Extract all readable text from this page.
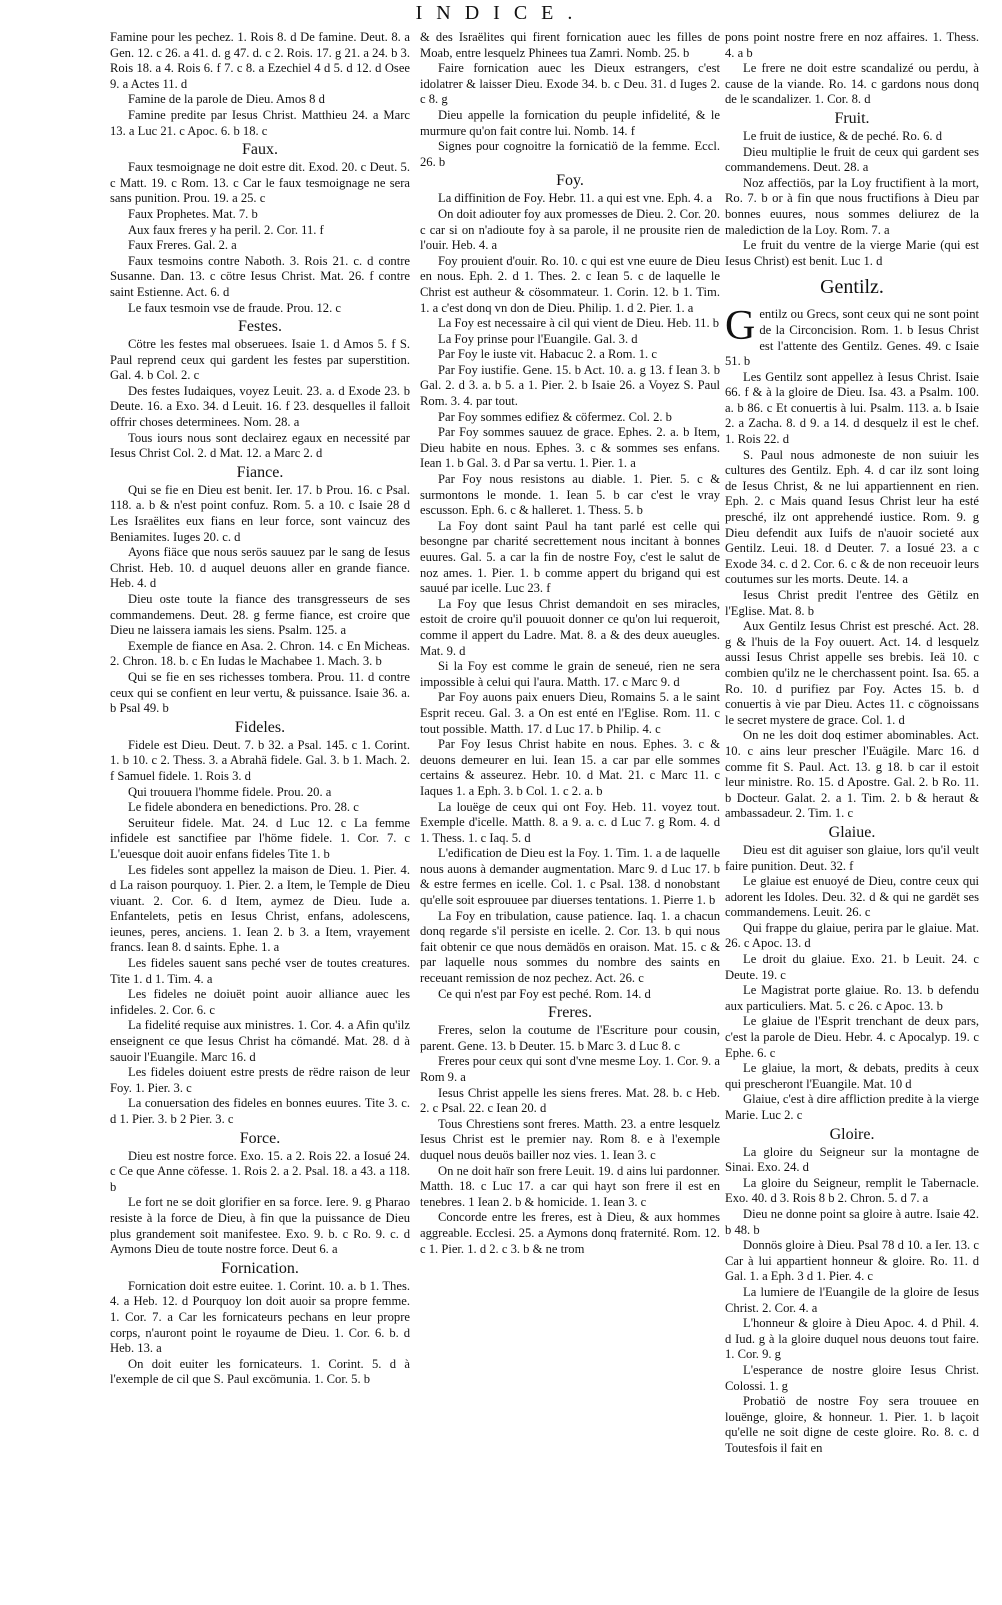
INDICE.

Famine pour les pechez. 1. Rois 8. d De famine. Deut. 8. a Gen. 12. c 26. a 41. d. g 47. d. c 2. Rois. 17. g 21. a 24. b 3. Rois 18. a 4. Rois 6. f 7. c 8. a Ezechiel 4 d 5. d 12. d Osee 9. a Actes 11. d

Famine de la parole de Dieu. Amos 8 d

Famine predite par Iesus Christ. Matthieu 24. a Marc 13. a Luc 21. c Apoc. 6. b 18. c

Faux.

Faux tesmoignage ne doit estre dit. Exod. 20. c Deut. 5. c Matt. 19. c Rom. 13. c Car le faux tesmoignage ne sera sans punition. Prou. 19. a 25. c

Faux Prophetes. Mat. 7. b

Aux faux freres y ha peril. 2. Cor. 11. f

Faux Freres. Gal. 2. a

Faux tesmoins contre Naboth. 3. Rois 21. c. d contre Susanne. Dan. 13. c cötre Iesus Christ. Mat. 26. f contre saint Estienne. Act. 6. d

Le faux tesmoin vse de fraude. Prou. 12. c

Festes.

Cötre les festes mal obseruees. Isaie 1. d Amos 5. f S. Paul reprend ceux qui gardent les festes par superstition. Gal. 4. b Col. 2. c

Des festes Iudaiques, voyez Leuit. 23. a. d Exode 23. b Deute. 16. a Exo. 34. d Leuit. 16. f 23. desquelles il falloit offrir choses determinees. Nom. 28. a

Tous iours nous sont declairez egaux en necessité par Iesus Christ Col. 2. d Mat. 12. a Marc 2. d

Fiance.

Qui se fie en Dieu est benit. Ier. 17. b Prou. 16. c Psal. 118. a. b & n'est point confuz. Rom. 5. a 10. c Isaie 28 d Les Israëlites eux fians en leur force, sont vaincuz des Beniamites. Iuges 20. c. d

Ayons fiäce que nous serös sauuez par le sang de Iesus Christ. Heb. 10. d auquel deuons aller en grande fiance. Heb. 4. d

Dieu oste toute la fiance des transgresseurs de ses commandemens. Deut. 28. g ferme fiance, est croire que Dieu ne laissera iamais les siens. Psalm. 125. a

Exemple de fiance en Asa. 2. Chron. 14. c En Micheas. 2. Chron. 18. b. c En Iudas le Machabee 1. Mach. 3. b

Qui se fie en ses richesses tombera. Prou. 11. d contre ceux qui se confient en leur vertu, & puissance. Isaie 36. a. b Psal 49. b

Fideles.

Fidele est Dieu. Deut. 7. b 32. a Psal. 145. c 1. Corint. 1. b 10. c 2. Thess. 3. a Abrahä fidele. Gal. 3. b 1. Mach. 2. f Samuel fidele. 1. Rois 3. d

Qui trouuera l'homme fidele. Prou. 20. a

Le fidele abondera en benedictions. Pro. 28. c

Seruiteur fidele. Mat. 24. d Luc 12. c La femme infidele est sanctifiee par l'höme fidele. 1. Cor. 7. c L'euesque doit auoir enfans fideles Tite 1. b

Les fideles sont appellez la maison de Dieu. 1. Pier. 4. d La raison pourquoy. 1. Pier. 2. a Item, le Temple de Dieu viuant. 2. Cor. 6. d Item, aymez de Dieu. Iude a. Enfantelets, petis en Iesus Christ, enfans, adolescens, ieunes, peres, anciens. 1. Iean 2. b 3. a Item, vrayement francs. Iean 8. d saints. Ephe. 1. a

Les fideles sauent sans peché vser de toutes creatures. Tite 1. d 1. Tim. 4. a

Les fideles ne doiuët point auoir alliance auec les infideles. 2. Cor. 6. c

La fidelité requise aux ministres. 1. Cor. 4. a Afin qu'ilz enseignent ce que Iesus Christ ha cömandé. Mat. 28. d à sauoir l'Euangile. Marc 16. d

Les fideles doiuent estre prests de rëdre raison de leur Foy. 1. Pier. 3. c

La conuersation des fideles en bonnes euures. Tite 3. c. d 1. Pier. 3. b 2 Pier. 3. c

Force.

Dieu est nostre force. Exo. 15. a 2. Rois 22. a Iosué 24. c Ce que Anne cöfesse. 1. Rois 2. a 2. Psal. 18. a 43. a 118. b

Le fort ne se doit glorifier en sa force. Iere. 9. g Pharao resiste à la force de Dieu, à fin que la puissance de Dieu plus grandement soit manifestee. Exo. 9. b. c Ro. 9. c. d Aymons Dieu de toute nostre force. Deut 6. a

Fornication.

Fornication doit estre euitee. 1. Corint. 10. a. b 1. Thes. 4. a Heb. 12. d Pourquoy lon doit auoir sa propre femme. 1. Cor. 7. a Car les fornicateurs pechans en leur propre corps, n'auront point le royaume de Dieu. 1. Cor. 6. b. d Heb. 13. a

On doit euiter les fornicateurs. 1. Corint. 5. d à l'exemple de cil que S. Paul excömunia. 1. Cor. 5. b

& des Israëlites qui firent fornication auec les filles de Moab, entre lesquelz Phinees tua Zamri. Nomb. 25. b

Faire fornication auec les Dieux estrangers, c'est idolatrer & laisser Dieu. Exode 34. b. c Deu. 31. d Iuges 2. c 8. g

Dieu appelle la fornication du peuple infidelité, & le murmure qu'on fait contre lui. Nomb. 14. f

Signes pour cognoitre la fornicatiö de la femme. Eccl. 26. b

Foy.

La diffinition de Foy. Hebr. 11. a qui est vne. Eph. 4. a

On doit adiouter foy aux promesses de Dieu. 2. Cor. 20. c car si on n'adioute foy à sa parole, il ne prousite rien de l'ouir. Heb. 4. a

Foy prouient d'ouir. Ro. 10. c qui est vne euure de Dieu en nous. Eph. 2. d 1. Thes. 2. c Iean 5. c de laquelle le Christ est autheur & cösommateur. 1. Corin. 12. b 1. Tim. 1. a c'est donq vn don de Dieu. Philip. 1. d 2. Pier. 1. a

La Foy est necessaire à cil qui vient de Dieu. Heb. 11. b

La Foy prinse pour l'Euangile. Gal. 3. d

Par Foy le iuste vit. Habacuc 2. a Rom. 1. c

Par Foy iustifie. Gene. 15. b Act. 10. a. g 13. f Iean 3. b Gal. 2. d 3. a. b 5. a 1. Pier. 2. b Isaie 26. a Voyez S. Paul Rom. 3. 4. par tout.

Par Foy sommes edifiez & cöfermez. Col. 2. b

Par Foy sommes sauuez de grace. Ephes. 2. a. b Item, Dieu habite en nous. Ephes. 3. c & sommes ses enfans. Iean 1. b Gal. 3. d Par sa vertu. 1. Pier. 1. a

Par Foy nous resistons au diable. 1. Pier. 5. c & surmontons le monde. 1. Iean 5. b car c'est le vray escusson. Eph. 6. c & halleret. 1. Thess. 5. b

La Foy dont saint Paul ha tant parlé est celle qui besongne par charité secrettement nous incitant à bonnes euures. Gal. 5. a car la fin de nostre Foy, c'est le salut de noz ames. 1. Pier. 1. b comme appert du brigand qui est sauué par icelle. Luc 23. f

La Foy que Iesus Christ demandoit en ses miracles, estoit de croire qu'il pouuoit donner ce qu'on lui requeroit, comme il appert du Ladre. Mat. 8. a & des deux aueugles. Mat. 9. d

Si la Foy est comme le grain de seneué, rien ne sera impossible à celui qui l'aura. Matth. 17. c Marc 9. d

Par Foy auons paix enuers Dieu, Romains 5. a le saint Esprit receu. Gal. 3. a On est enté en l'Eglise. Rom. 11. c tout possible. Matth. 17. d Luc 17. b Philip. 4. c

Par Foy Iesus Christ habite en nous. Ephes. 3. c & deuons demeurer en lui. Iean 15. a car par elle sommes certains & asseurez. Hebr. 10. d Mat. 21. c Marc 11. c Iaques 1. a Eph. 3. b Col. 1. c 2. a. b

La louëge de ceux qui ont Foy. Heb. 11. voyez tout. Exemple d'icelle. Matth. 8. a 9. a. c. d Luc 7. g Rom. 4. d 1. Thess. 1. c Iaq. 5. d

L'edification de Dieu est la Foy. 1. Tim. 1. a de laquelle nous auons à demander augmentation. Marc 9. d Luc 17. b & estre fermes en icelle. Col. 1. c Psal. 138. d nonobstant qu'elle soit esprouuee par diuerses tentations. 1. Pierre 1. b

La Foy en tribulation, cause patience. Iaq. 1. a chacun donq regarde s'il persiste en icelle. 2. Cor. 13. b qui nous fait obtenir ce que nous demädös en oraison. Mat. 15. c & par laquelle nous sommes du nombre des saints en receuant remission de noz pechez. Act. 26. c

Ce qui n'est par Foy est peché. Rom. 14. d

Freres.

Freres, selon la coutume de l'Escriture pour cousin, parent. Gene. 13. b Deuter. 15. b Marc 3. d Luc 8. c

Freres pour ceux qui sont d'vne mesme Loy. 1. Cor. 9. a Rom 9. a

Iesus Christ appelle les siens freres. Mat. 28. b. c Heb. 2. c Psal. 22. c Iean 20. d

Tous Chrestiens sont freres. Matth. 23. a entre lesquelz Iesus Christ est le premier nay. Rom 8. e à l'exemple duquel nous deuös bailler noz vies. 1. Iean 3. c

On ne doit haïr son frere Leuit. 19. d ains lui pardonner. Matth. 18. c Luc 17. a car qui hayt son frere il est en tenebres. 1 Iean 2. b & homicide. 1. Iean 3. c

Concorde entre les freres, est à Dieu, & aux hommes aggreable. Ecclesi. 25. a Aymons donq fraternité. Rom. 12. c 1. Pier. 1. d 2. c 3. b & ne trom

pons point nostre frere en noz affaires. 1. Thess. 4. a b

Le frere ne doit estre scandalizé ou perdu, à cause de la viande. Ro. 14. c gardons nous donq de le scandalizer. 1. Cor. 8. d

Fruit.

Le fruit de iustice, & de peché. Ro. 6. d

Dieu multiplie le fruit de ceux qui gardent ses commandemens. Deut. 28. a

Noz affectiös, par la Loy fructifient à la mort, Ro. 7. b or à fin que nous fructifions à Dieu par bonnes euures, nous sommes deliurez de la malediction de la Loy. Rom. 7. a

Le fruit du ventre de la vierge Marie (qui est Iesus Christ) est benit. Luc 1. d

Gentilz.

Gentilz ou Grecs, sont ceux qui ne sont point de la Circoncision. Rom. 1. b Iesus Christ est l'attente des Gentilz. Genes. 49. c Isaie 51. b

Les Gentilz sont appellez à Iesus Christ. Isaie 66. f & à la gloire de Dieu. Isa. 43. a Psalm. 100. a. b 86. c Et conuertis à lui. Psalm. 113. a. b Isaie 2. a Zacha. 8. d 9. a 14. d desquelz il est le chef. 1. Rois 22. d

S. Paul nous admoneste de non suiuir les cultures des Gentilz. Eph. 4. d car ilz sont loing de Iesus Christ, & ne lui appartiennent en rien. Eph. 2. c Mais quand Iesus Christ leur ha esté presché, ilz ont apprehendé iustice. Rom. 9. g Dieu defendit aux Iuifs de n'auoir societé aux Gentilz. Leui. 18. d Deuter. 7. a Iosué 23. a c Exode 34. c. d 2. Cor. 6. c & de non receuoir leurs coutumes sur les morts. Deute. 14. a

Iesus Christ predit l'entree des Gëtilz en l'Eglise. Mat. 8. b

Aux Gentilz Iesus Christ est presché. Act. 28. g & l'huis de la Foy ouuert. Act. 14. d lesquelz aussi Iesus Christ appelle ses brebis. Ieä 10. c combien qu'ilz ne le cherchassent point. Isa. 65. a Ro. 10. d purifiez par Foy. Actes 15. b. d conuertis à vie par Dieu. Actes 11. c cögnoissans le secret mystere de grace. Col. 1. d

On ne les doit doq estimer abominables. Act. 10. c ains leur prescher l'Euägile. Marc 16. d comme fit S. Paul. Act. 13. g 18. b car il estoit leur ministre. Ro. 15. d Apostre. Gal. 2. b Ro. 11. b Docteur. Galat. 2. a 1. Tim. 2. b & heraut & ambassadeur. 2. Tim. 1. c

Glaiue.

Dieu est dit aguiser son glaiue, lors qu'il veult faire punition. Deut. 32. f

Le glaiue est enuoyé de Dieu, contre ceux qui adorent les Idoles. Deu. 32. d & qui ne gardët ses commandemens. Leuit. 26. c

Qui frappe du glaiue, perira par le glaiue. Mat. 26. c Apoc. 13. d

Le droit du glaiue. Exo. 21. b Leuit. 24. c Deute. 19. c

Le Magistrat porte glaiue. Ro. 13. b defendu aux particuliers. Mat. 5. c 26. c Apoc. 13. b

Le glaiue de l'Esprit trenchant de deux pars, c'est la parole de Dieu. Hebr. 4. c Apocalyp. 19. c Ephe. 6. c

Le glaiue, la mort, & debats, predits à ceux qui prescheront l'Euangile. Mat. 10 d

Glaiue, c'est à dire affliction predite à la vierge Marie. Luc 2. c

Gloire.

La gloire du Seigneur sur la montagne de Sinai. Exo. 24. d

La gloire du Seigneur, remplit le Tabernacle. Exo. 40. d 3. Rois 8 b 2. Chron. 5. d 7. a

Dieu ne donne point sa gloire à autre. Isaie 42. b 48. b

Donnös gloire à Dieu. Psal 78 d 10. a Ier. 13. c Car à lui appartient honneur & gloire. Ro. 11. d Gal. 1. a Eph. 3 d 1. Pier. 4. c

La lumiere de l'Euangile de la gloire de Iesus Christ. 2. Cor. 4. a

L'honneur & gloire à Dieu Apoc. 4. d Phil. 4. d Iud. g à la gloire duquel nous deuons tout faire. 1. Cor. 9. g

L'esperance de nostre gloire Iesus Christ. Colossi. 1. g

Probatiö de nostre Foy sera trouuee en louënge, gloire, & honneur. 1. Pier. 1. b laçoit qu'elle ne soit digne de ceste gloire. Ro. 8. c. d Toutesfois il fait en
